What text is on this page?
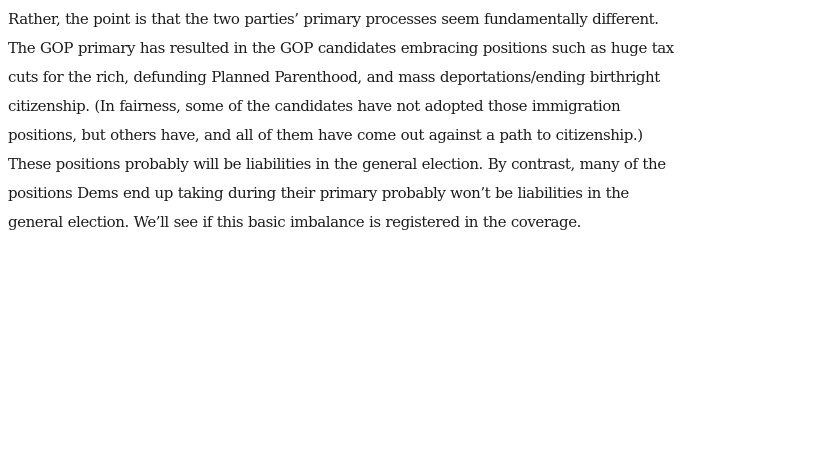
Rather, the point is that the two parties’ primary processes seem fundamentally different.
The GOP primary has resulted in the GOP candidates embracing positions such as huge tax
cuts for the rich, defunding Planned Parenthood, and mass deportations/ending birthright
citizenship. (In fairness, some of the candidates have not adopted those immigration
positions, but others have, and all of them have come out against a path to citizenship.)
These positions probably will be liabilities in the general election. By contrast, many of the
positions Dems end up taking during their primary probably won’t be liabilities in the
general election. We’ll see if this basic imbalance is registered in the coverage.
